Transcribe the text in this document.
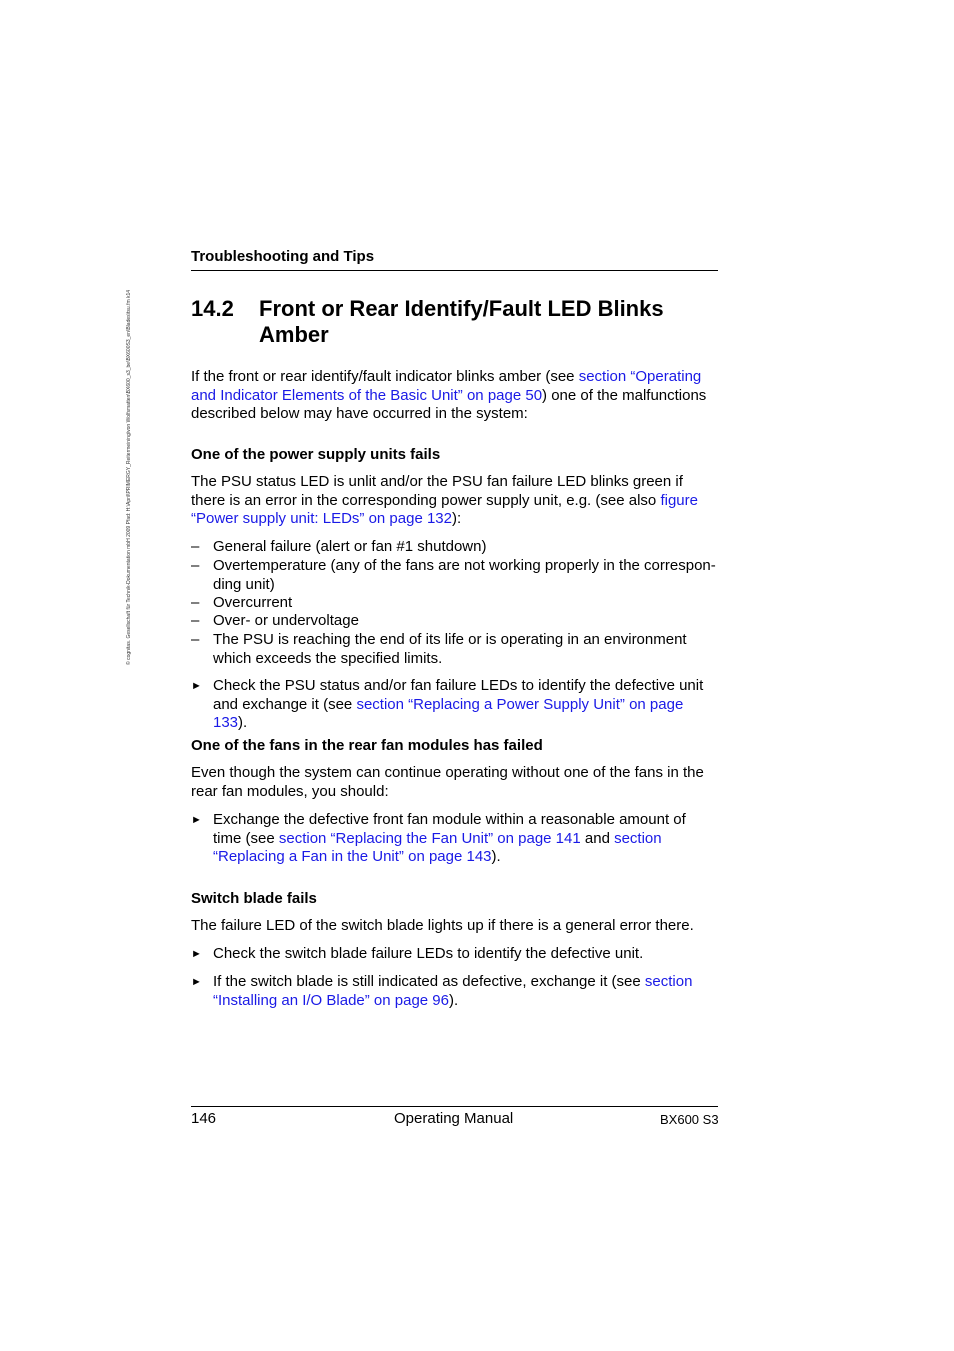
© cognitas. Gesellschaft für Technik-Dokumentation mbH 2009 Pfad: H:\April\PRIMERGY_Reitermeining\von Wolfsmatten\BX600_s3_be\BX600S3_en\Blades\tsu.fm k14
Troubleshooting and Tips
14.2 Front or Rear Identify/Fault LED Blinks Amber
If the front or rear identify/fault indicator blinks amber (see section “Operating and Indicator Elements of the Basic Unit” on page 50) one of the malfunctions described below may have occurred in the system:
One of the power supply units fails
The PSU status LED is unlit and/or the PSU fan failure LED blinks green if there is an error in the corresponding power supply unit, e.g. (see also figure “Power supply unit: LEDs” on page 132):
– General failure (alert or fan #1 shutdown)
– Overtemperature (any of the fans are not working properly in the correspon-ding unit)
– Overcurrent
– Over- or undervoltage
– The PSU is reaching the end of its life or is operating in an environment which exceeds the specified limits.
► Check the PSU status and/or fan failure LEDs to identify the defective unit and exchange it (see section “Replacing a Power Supply Unit” on page 133).
One of the fans in the rear fan modules has failed
Even though the system can continue operating without one of the fans in the rear fan modules, you should:
► Exchange the defective front fan module within a reasonable amount of time (see section “Replacing the Fan Unit” on page 141 and section “Replacing a Fan in the Unit” on page 143).
Switch blade fails
The failure LED of the switch blade lights up if there is a general error there.
► Check the switch blade failure LEDs to identify the defective unit.
► If the switch blade is still indicated as defective, exchange it (see section “Installing an I/O Blade” on page 96).
146	Operating Manual	BX600 S3
